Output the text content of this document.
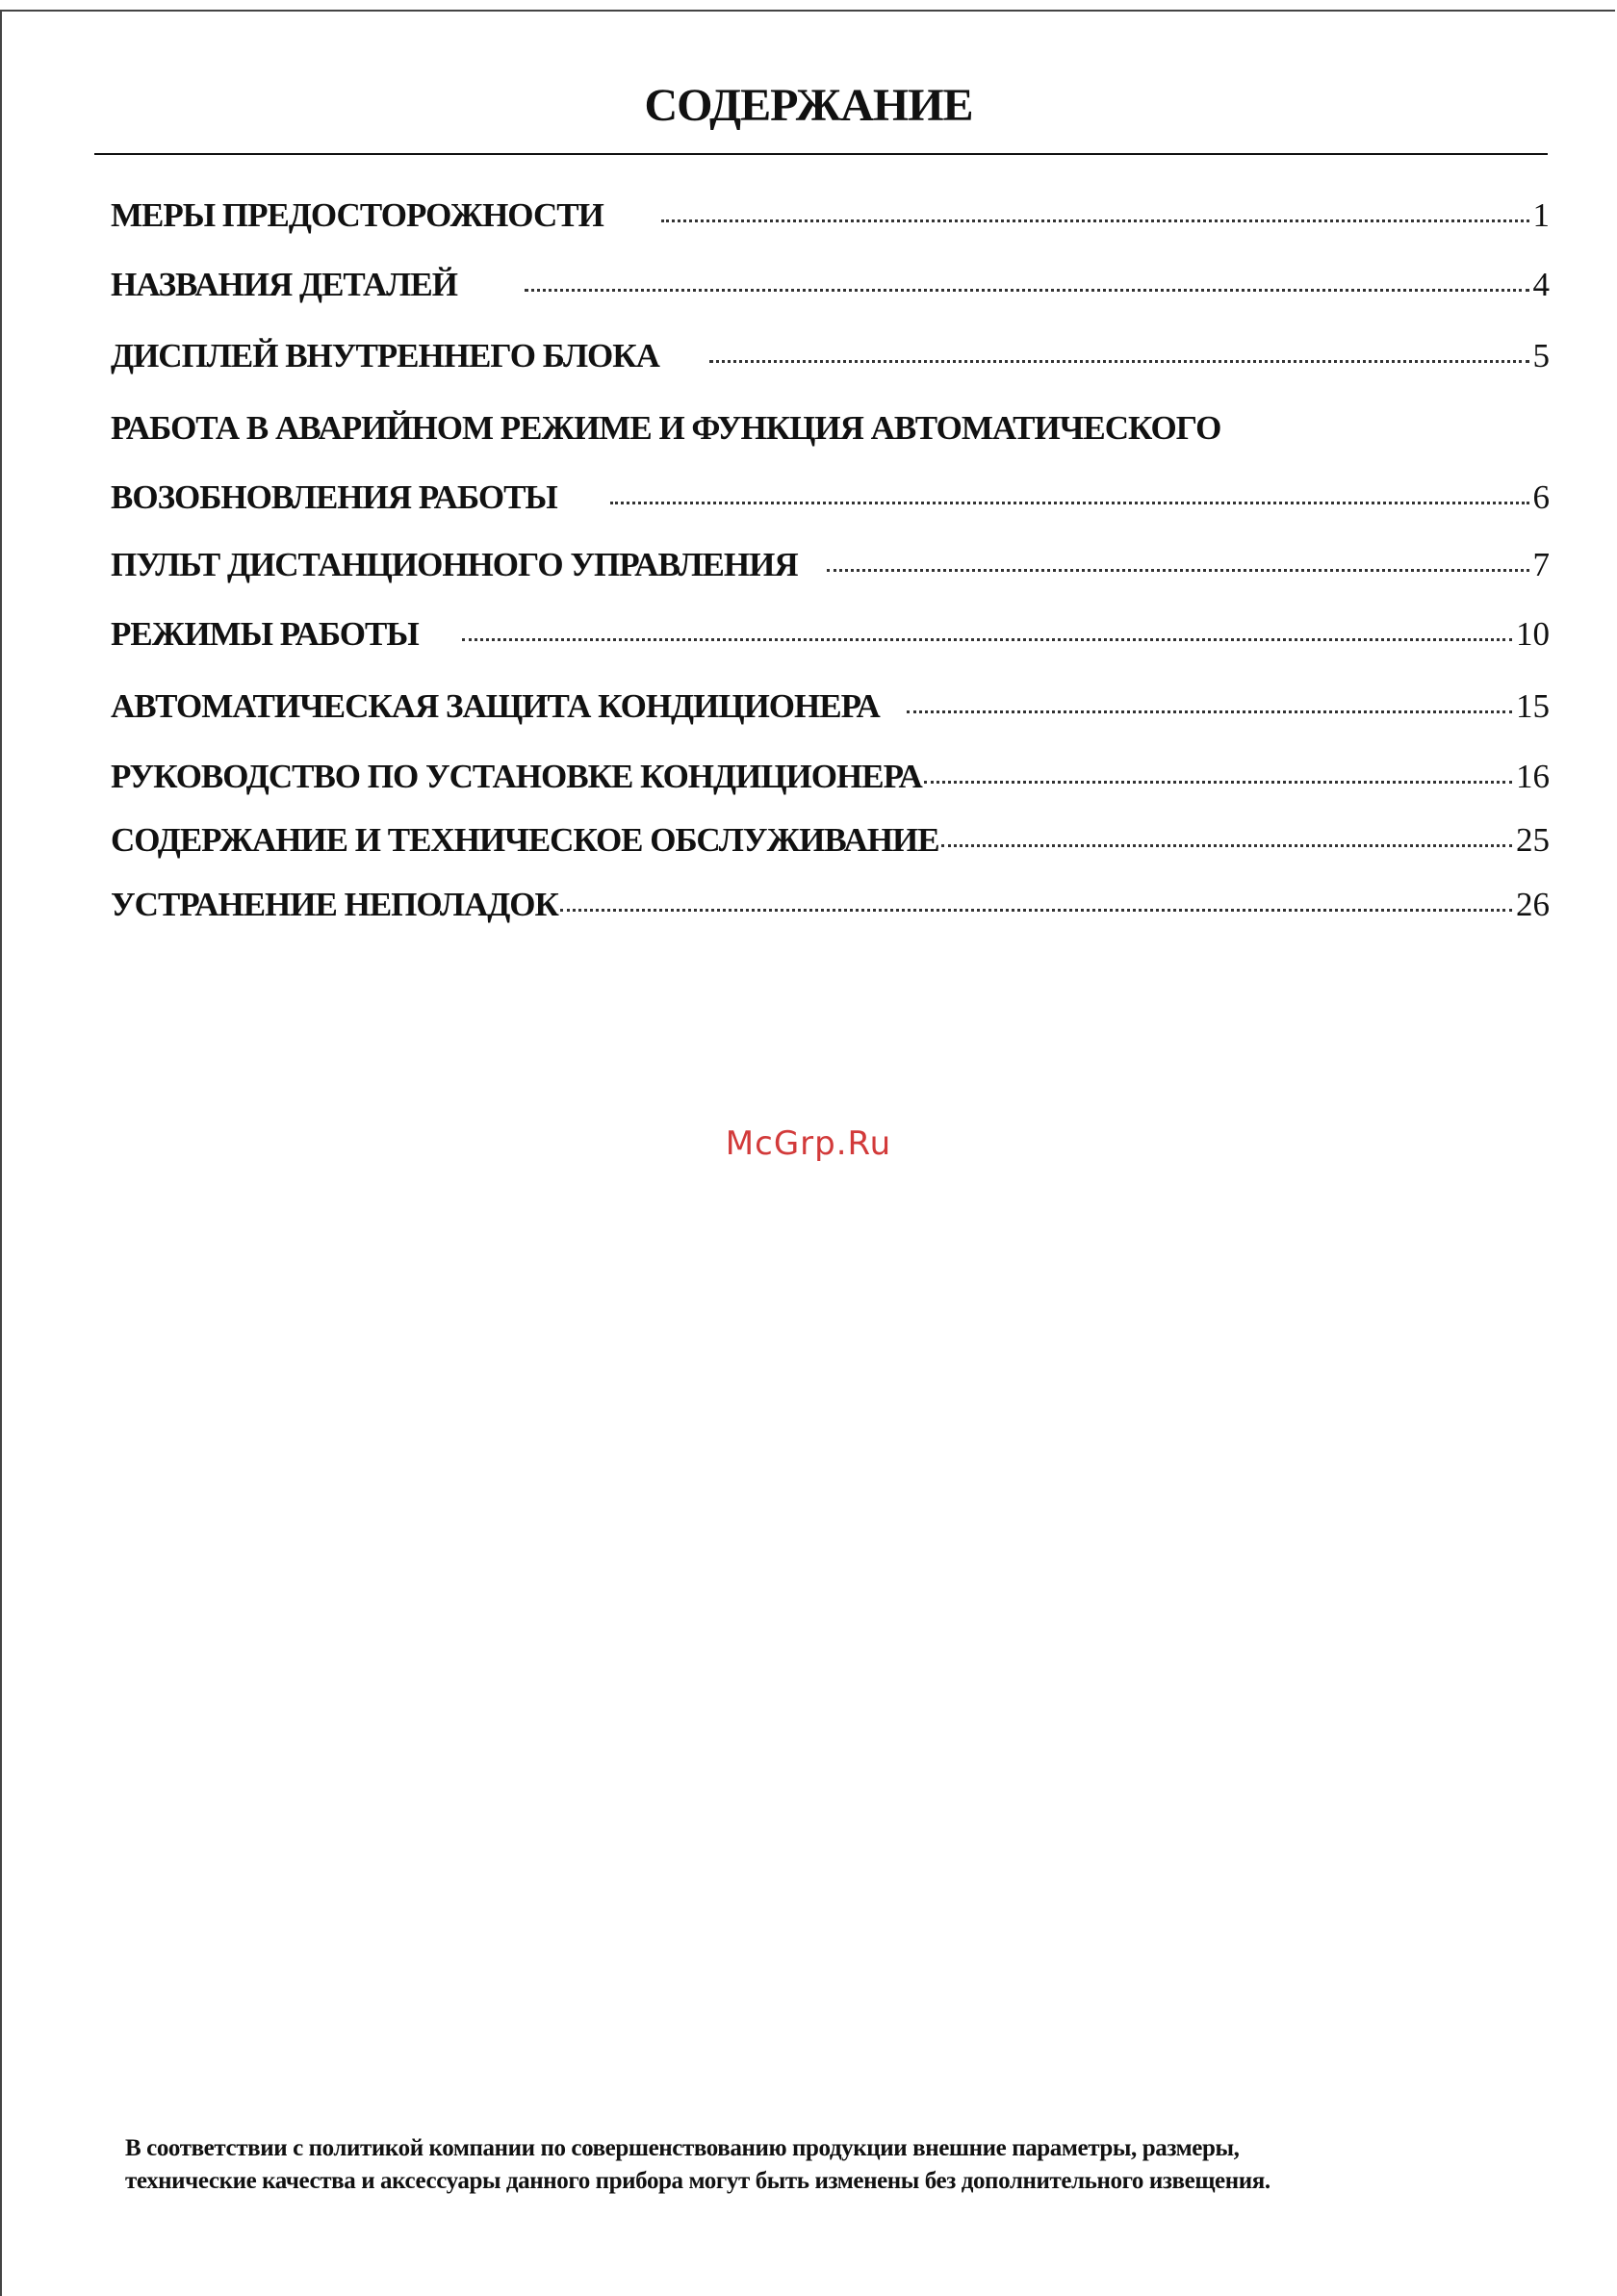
СОДЕРЖАНИЕ
МЕРЫ ПРЕДОСТОРОЖНОСТИ	1
НАЗВАНИЯ ДЕТАЛЕЙ	4
ДИСПЛЕЙ ВНУТРЕННЕГО БЛОКА	5
РАБОТА В АВАРИЙНОМ РЕЖИМЕ И ФУНКЦИЯ АВТОМАТИЧЕСКОГО
ВОЗОБНОВЛЕНИЯ РАБОТЫ	6
ПУЛЬТ ДИСТАНЦИОННОГО УПРАВЛЕНИЯ	7
РЕЖИМЫ РАБОТЫ	10
АВТОМАТИЧЕСКАЯ ЗАЩИТА КОНДИЦИОНЕРА	15
РУКОВОДСТВО ПО УСТАНОВКЕ КОНДИЦИОНЕРА	16
СОДЕРЖАНИЕ И ТЕХНИЧЕСКОЕ ОБСЛУЖИВАНИЕ	25
УСТРАНЕНИЕ НЕПОЛАДОК	26
McGrp.Ru
В соответствии с политикой компании по совершенствованию продукции внешние параметры, размеры,
технические качества и аксессуары данного прибора могут быть изменены без дополнительного извещения.
